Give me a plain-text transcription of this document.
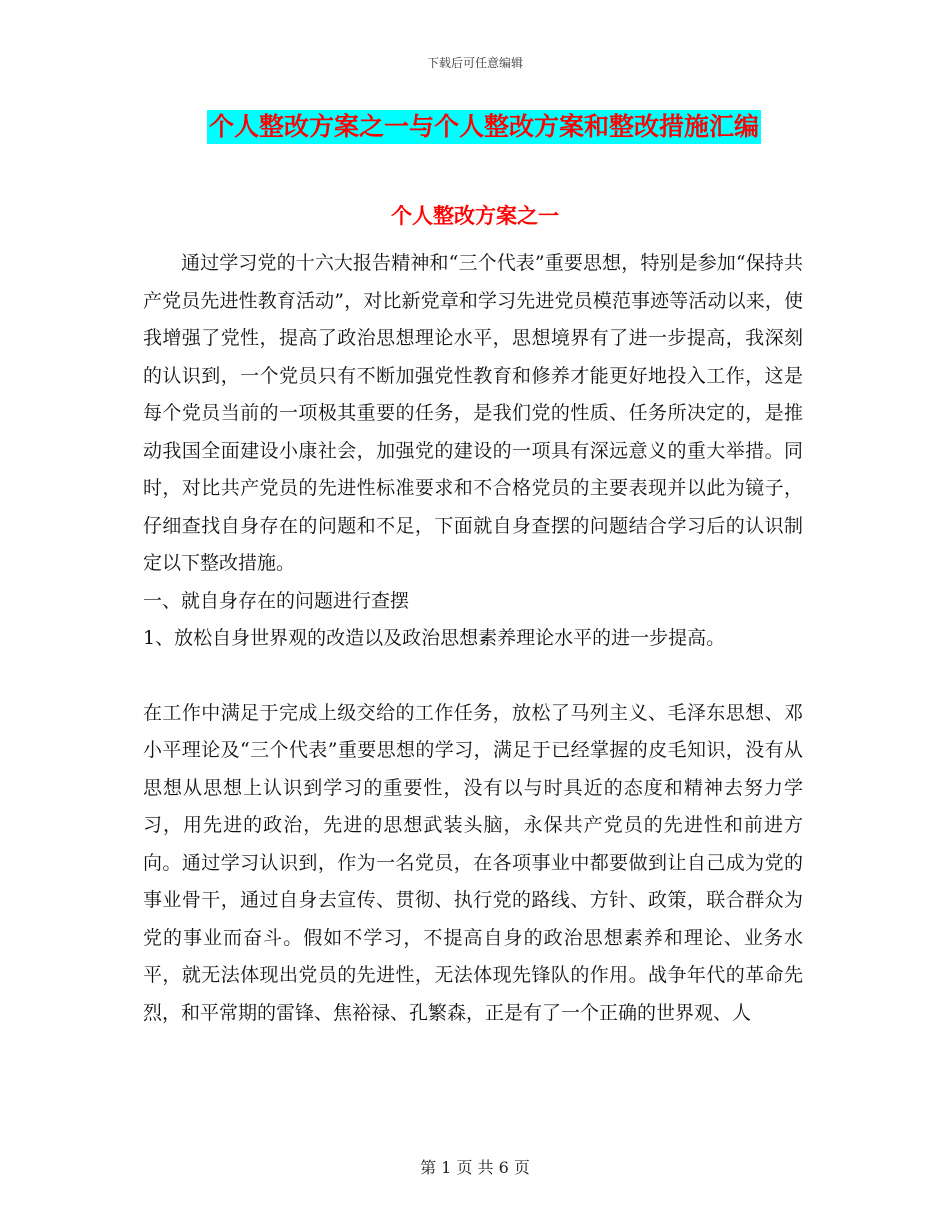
下载后可任意编辑
个人整改方案之一与个人整改方案和整改措施汇编
个人整改方案之一

通过学习党的十六大报告精神和“三个代表”重要思想，特别是参加“保持共产党员先进性教育活动”，对比新党章和学习先进党员模范事迹等活动以来，使我增强了党性，提高了政治思想理论水平，思想境界有了进一步提高，我深刻的认识到，一个党员只有不断加强党性教育和修养才能更好地投入工作，这是每个党员当前的一项极其重要的任务，是我们党的性质、任务所决定的，是推动我国全面建设小康社会，加强党的建设的一项具有深远意义的重大举措。同时，对比共产党员的先进性标准要求和不合格党员的主要表现并以此为镜子，仔细查找自身存在的问题和不足，下面就自身查摆的问题结合学习后的认识制定以下整改措施。

一、就自身存在的问题进行查摆

1、放松自身世界观的改造以及政治思想素养理论水平的进一步提高。

在工作中满足于完成上级交给的工作任务，放松了马列主义、毛泽东思想、邓小平理论及“三个代表”重要思想的学习，满足于已经掌握的皮毛知识，没有从思想从思想上认识到学习的重要性，没有以与时具近的态度和精神去努力学习，用先进的政治，先进的思想武装头脑，永保共产党员的先进性和前进方向。通过学习认识到，作为一名党员，在各项事业中都要做到让自己成为党的事业骨干，通过自身去宣传、贯彻、执行党的路线、方针、政策，联合群众为党的事业而奋斗。假如不学习，不提高自身的政治思想素养和理论、业务水平，就无法体现出党员的先进性，无法体现先锋队的作用。战争年代的革命先烈，和平常期的雷锋、焦裕禄、孔繁森，正是有了一个正确的世界观、人

第 1 页 共 6 页
